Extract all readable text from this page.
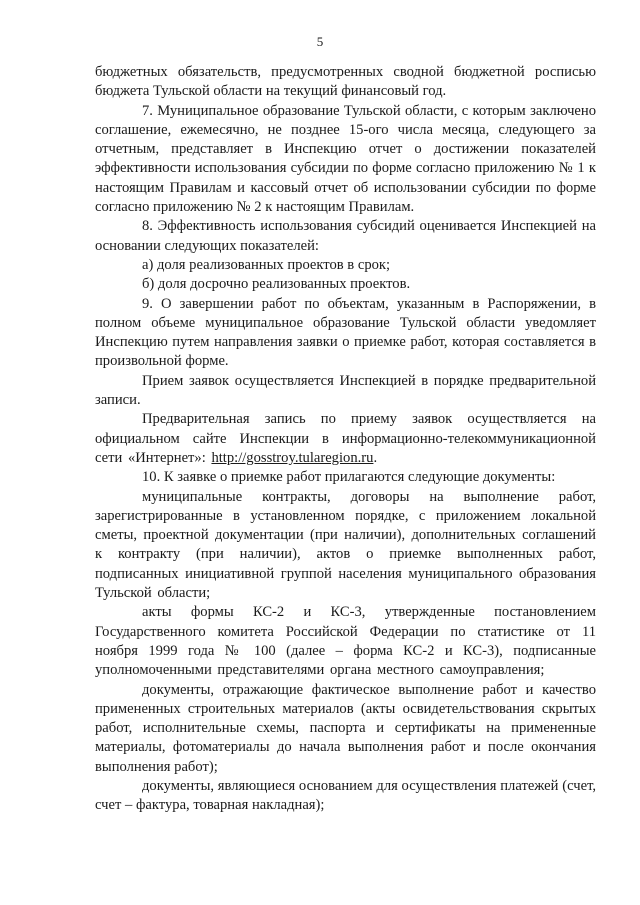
5

бюджетных обязательств, предусмотренных сводной бюджетной росписью бюджета Тульской области на текущий финансовый год.

7. Муниципальное образование Тульской области, с которым заключено соглашение, ежемесячно, не позднее 15-ого числа месяца, следующего за отчетным, представляет в Инспекцию отчет о достижении показателей эффективности использования субсидии по форме согласно приложению № 1 к настоящим Правилам и кассовый отчет об использовании субсидии по форме согласно приложению № 2 к настоящим Правилам.

8. Эффективность использования субсидий оценивается Инспекцией на основании следующих показателей:

а) доля реализованных проектов в срок;

б) доля досрочно реализованных проектов.

9. О завершении работ по объектам, указанным в Распоряжении, в полном объеме муниципальное образование Тульской области уведомляет Инспекцию путем направления заявки о приемке работ, которая составляется в произвольной форме.

Прием заявок осуществляется Инспекцией в порядке предварительной записи.

Предварительная запись по приему заявок осуществляется на официальном сайте Инспекции в информационно-телекоммуникационной сети «Интернет»: http://gosstroy.tularegion.ru.

10. К заявке о приемке работ прилагаются следующие документы:

муниципальные контракты, договоры на выполнение работ, зарегистрированные в установленном порядке, с приложением локальной сметы, проектной документации (при наличии), дополнительных соглашений к контракту (при наличии), актов о приемке выполненных работ, подписанных инициативной группой населения муниципального образования Тульской области;

акты формы КС-2 и КС-3, утвержденные постановлением Государственного комитета Российской Федерации по статистике от 11 ноября 1999 года № 100 (далее – форма КС-2 и КС-3), подписанные уполномоченными представителями органа местного самоуправления;

документы, отражающие фактическое выполнение работ и качество примененных строительных материалов (акты освидетельствования скрытых работ, исполнительные схемы, паспорта и сертификаты на примененные материалы, фотоматериалы до начала выполнения работ и после окончания выполнения работ);

документы, являющиеся основанием для осуществления платежей (счет, счет – фактура, товарная накладная);
